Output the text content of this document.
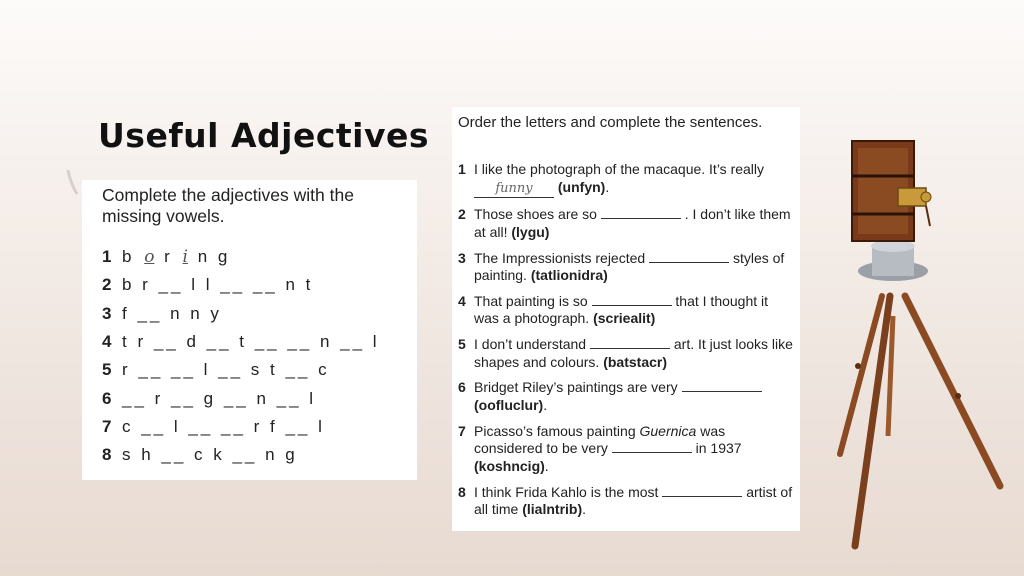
Useful Adjectives
Complete the adjectives with the missing vowels.
1 b o r i n g
2 b r __ l l __ __ n t
3 f __ n n y
4 t r __ d __ t __ __ n __ l
5 r __ __ l __ s t __ c
6 __ r __ g __ n __ l
7 c __ l __ __ r f __ l
8 s h __ c k __ n g
Order the letters and complete the sentences.
1 I like the photograph of the macaque. It’s really funny (unfyn).
2 Those shoes are so	. I don’t like them at all! (lygu)
3 The Impressionists rejected	styles of painting. (tatlionidra)
4 That painting is so	that I thought it was a photograph. (scriealit)
5 I don’t understand	art. It just looks like shapes and colours. (batstacr)
6 Bridget Riley’s paintings are very  (oofluclur).
7 Picasso’s famous painting Guernica was considered to be very	in 1937 (koshncig).
8 I think Frida Kahlo is the most	artist of all time (lialntrib).
